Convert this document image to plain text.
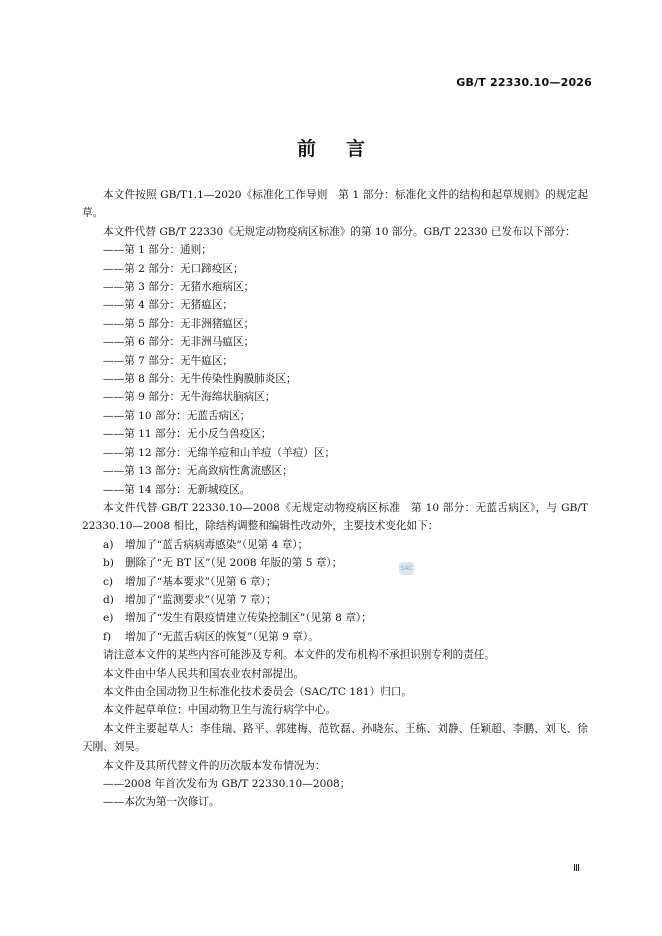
GB/T 22330.10—2026
前言
SAC

本文件按照 GB/T1.1—2020《标准化工作导则　第 1 部分：标准化文件的结构和起草规则》的规定起草。

本文件代替 GB/T 22330《无规定动物疫病区标准》的第 10 部分。GB/T 22330 已发布以下部分：

——第 1 部分：通则；

——第 2 部分：无口蹄疫区；

——第 3 部分：无猪水疱病区；

——第 4 部分：无猪瘟区；

——第 5 部分：无非洲猪瘟区；

——第 6 部分：无非洲马瘟区；

——第 7 部分：无牛瘟区；

——第 8 部分：无牛传染性胸膜肺炎区；

——第 9 部分：无牛海绵状脑病区；

——第 10 部分：无蓝舌病区；

——第 11 部分：无小反刍兽疫区；

——第 12 部分：无绵羊痘和山羊痘（羊痘）区；

——第 13 部分：无高致病性禽流感区；

——第 14 部分：无新城疫区。

本文件代替 GB/T 22330.10—2008《无规定动物疫病区标准　第 10 部分：无蓝舌病区》，与 GB/T 22330.10—2008 相比，除结构调整和编辑性改动外，主要技术变化如下：

a)	增加了“蓝舌病病毒感染”（见第 4 章）；
b)	删除了“无 BT 区”（见 2008 年版的第 5 章）；
c)	增加了“基本要求”（见第 6 章）；
d)	增加了“监测要求”（见第 7 章）；
e)	增加了“发生有限疫情建立传染控制区”（见第 8 章）；
f)	增加了“无蓝舌病区的恢复”（见第 9 章）。

请注意本文件的某些内容可能涉及专利。本文件的发布机构不承担识别专利的责任。

本文件由中华人民共和国农业农村部提出。

本文件由全国动物卫生标准化技术委员会（SAC/TC 181）归口。

本文件起草单位：中国动物卫生与流行病学中心。

本文件主要起草人：李佳瑞、路平、郭建梅、范钦磊、孙晓东、王栋、刘静、任颖超、李鹏、刘飞、徐天刚、刘昊。

本文件及其所代替文件的历次版本发布情况为：

——2008 年首次发布为 GB/T 22330.10—2008；

——本次为第一次修订。

Ⅲ
